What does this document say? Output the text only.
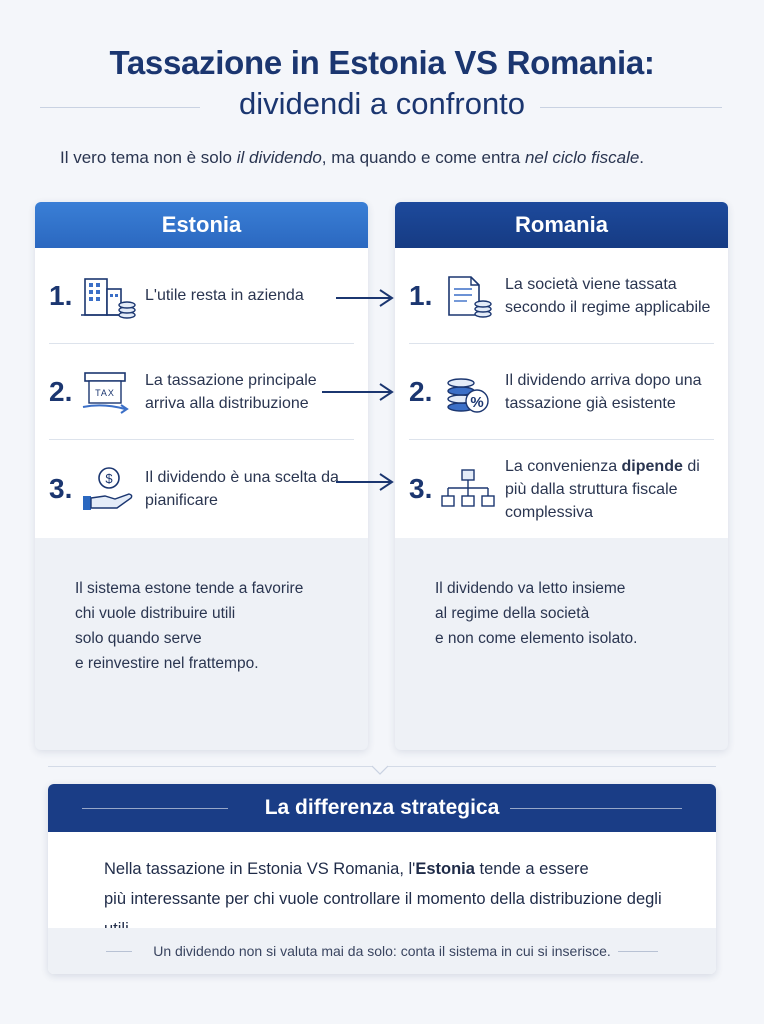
Tassazione in Estonia VS Romania:
dividendi a confronto
Il vero tema non è solo il dividendo, ma quando e come entra nel ciclo fiscale.
Estonia
1.	L'utile resta in azienda
2.	TAX
La tassazione principale arriva alla distribuzione
3.	$ Il dividendo è una scelta da pianificare
Il sistema estone tende a favorire
chi vuole distribuire utili
solo quando serve
e reinvestire nel frattempo.
Romania
1.	La società viene tassata secondo il regime applicabile
2.	%
Il dividendo arriva dopo una tassazione già esistente
3.
La convenienza dipende di più dalla struttura fiscale complessiva
Il dividendo va letto insieme
al regime della società
e non come elemento isolato.
La differenza strategica
Nella tassazione in Estonia VS Romania, l'Estonia tende a essere
più interessante per chi vuole controllare il momento della distribuzione degli
Un dividendo non si valuta mai da solo: conta il sistema in cui si inserisce.
